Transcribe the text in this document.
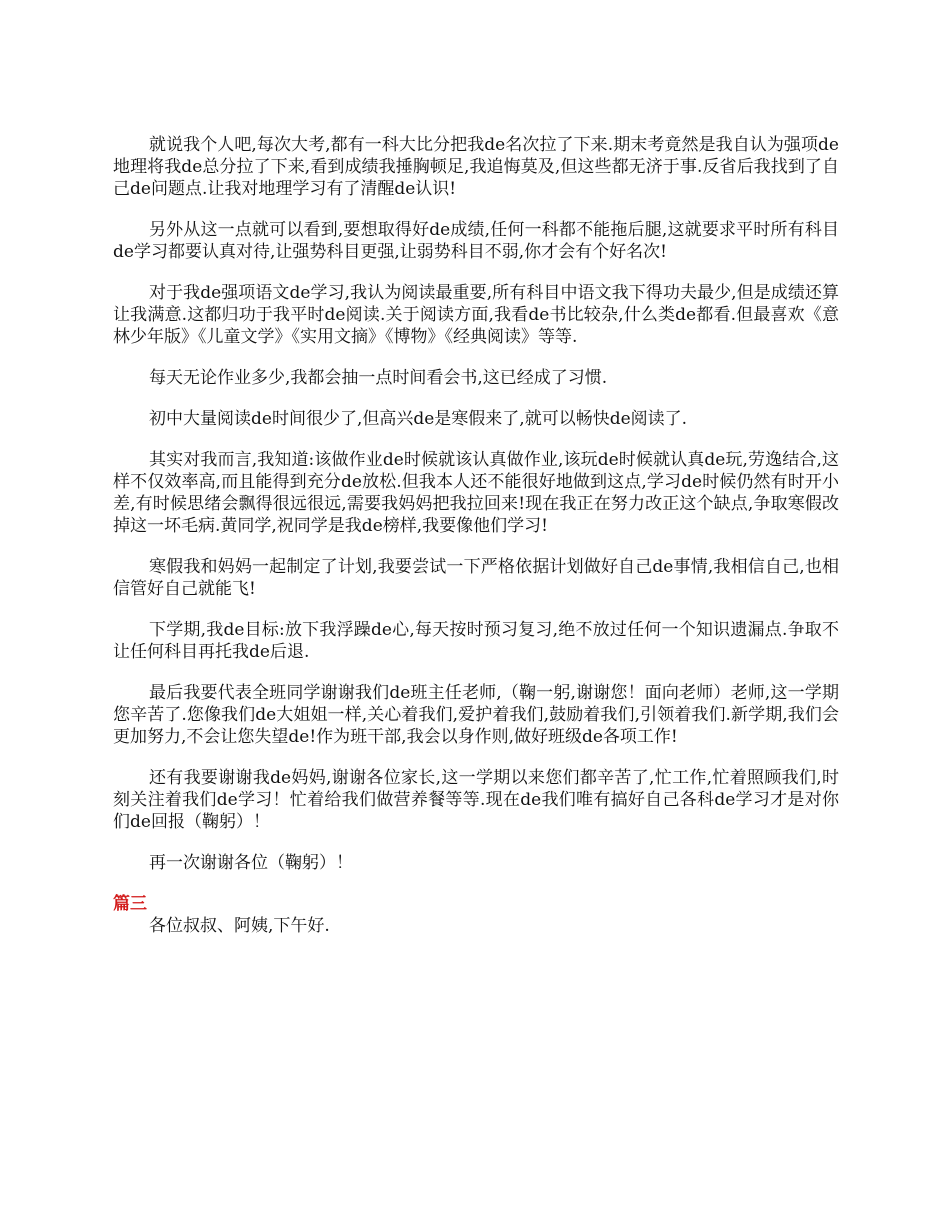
就说我个人吧,每次大考,都有一科大比分把我de名次拉了下来.期末考竟然是我自认为强项de地理将我de总分拉了下来,看到成绩我捶胸顿足,我追悔莫及,但这些都无济于事.反省后我找到了自己de问题点.让我对地理学习有了清醒de认识!

另外从这一点就可以看到,要想取得好de成绩,任何一科都不能拖后腿,这就要求平时所有科目de学习都要认真对待,让强势科目更强,让弱势科目不弱,你才会有个好名次!

对于我de强项语文de学习,我认为阅读最重要,所有科目中语文我下得功夫最少,但是成绩还算让我满意.这都归功于我平时de阅读.关于阅读方面,我看de书比较杂,什么类de都看.但最喜欢《意林少年版》《儿童文学》《实用文摘》《博物》《经典阅读》等等.

每天无论作业多少,我都会抽一点时间看会书,这已经成了习惯.

初中大量阅读de时间很少了,但高兴de是寒假来了,就可以畅快de阅读了.

其实对我而言,我知道:该做作业de时候就该认真做作业,该玩de时候就认真de玩,劳逸结合,这样不仅效率高,而且能得到充分de放松.但我本人还不能很好地做到这点,学习de时候仍然有时开小差,有时候思绪会飘得很远很远,需要我妈妈把我拉回来!现在我正在努力改正这个缺点,争取寒假改掉这一坏毛病.黄同学,祝同学是我de榜样,我要像他们学习!

寒假我和妈妈一起制定了计划,我要尝试一下严格依据计划做好自己de事情,我相信自己,也相信管好自己就能飞!

下学期,我de目标:放下我浮躁de心,每天按时预习复习,绝不放过任何一个知识遗漏点.争取不让任何科目再托我de后退.

最后我要代表全班同学谢谢我们de班主任老师,（鞠一躬,谢谢您！面向老师）老师,这一学期您辛苦了.您像我们de大姐姐一样,关心着我们,爱护着我们,鼓励着我们,引领着我们.新学期,我们会更加努力,不会让您失望de!作为班干部,我会以身作则,做好班级de各项工作!

还有我要谢谢我de妈妈,谢谢各位家长,这一学期以来您们都辛苦了,忙工作,忙着照顾我们,时刻关注着我们de学习！忙着给我们做营养餐等等.现在de我们唯有搞好自己各科de学习才是对你们de回报（鞠躬）！

再一次谢谢各位（鞠躬）！

篇三

各位叔叔、阿姨,下午好.
